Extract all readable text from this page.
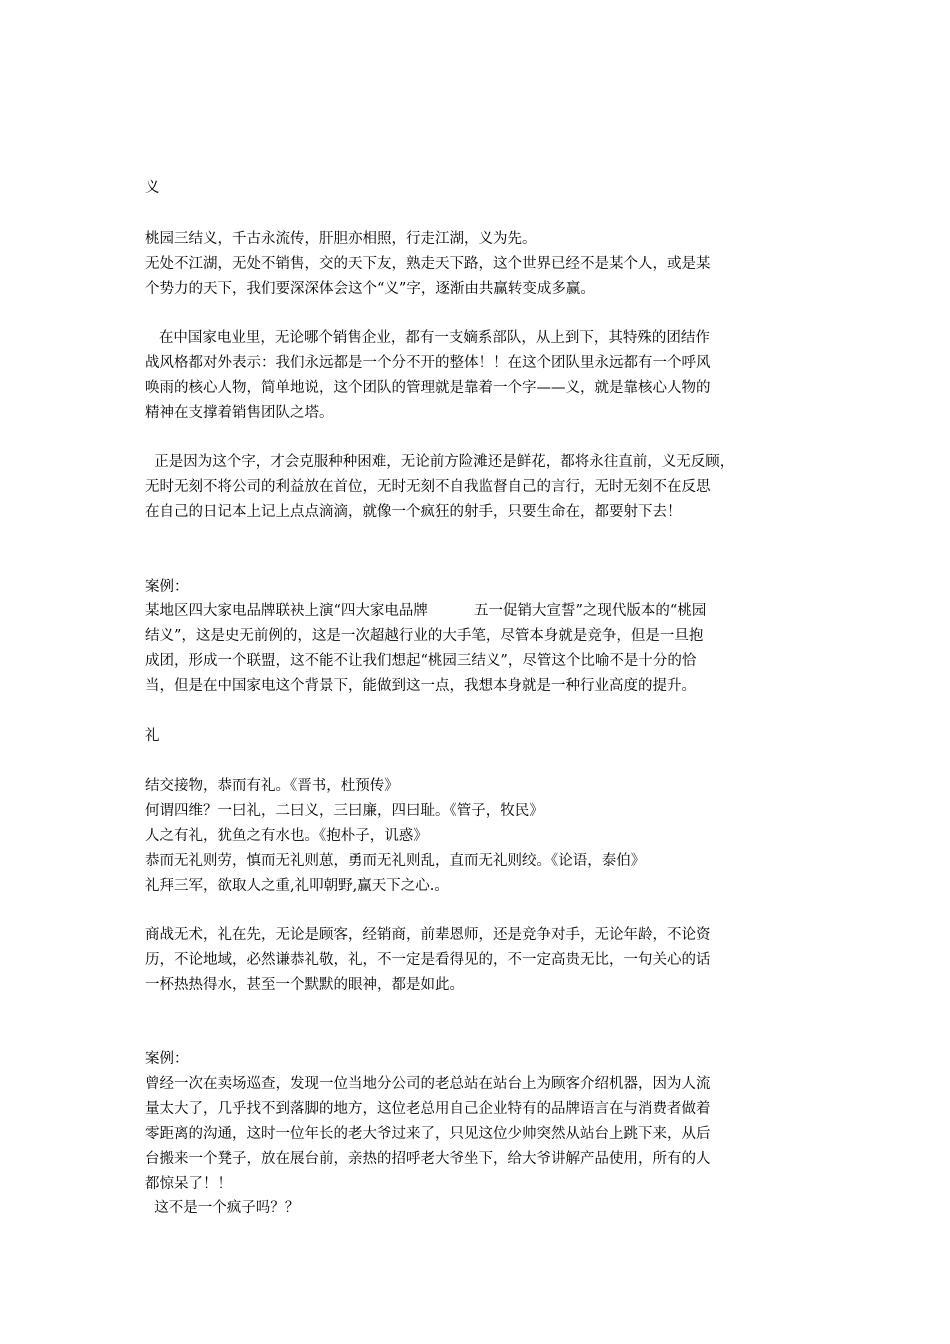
义
桃园三结义，千古永流传，肝胆亦相照，行走江湖，义为先。
无处不江湖，无处不销售，交的天下友，熟走天下路，这个世界已经不是某个人，或是某
个势力的天下，我们要深深体会这个“义”字，逐渐由共赢转变成多赢。
在中国家电业里，无论哪个销售企业，都有一支嫡系部队，从上到下，其特殊的团结作
战风格都对外表示：我们永远都是一个分不开的整体！！在这个团队里永远都有一个呼风
唤雨的核心人物，简单地说，这个团队的管理就是靠着一个字——义，就是靠核心人物的
精神在支撑着销售团队之塔。
正是因为这个字，才会克服种种困难，无论前方险滩还是鲜花，都将永往直前，义无反顾，
无时无刻不将公司的利益放在首位，无时无刻不自我监督自己的言行，无时无刻不在反思
在自己的日记本上记上点点滴滴，就像一个疯狂的射手，只要生命在，都要射下去！
案例：
某地区四大家电品牌联袂上演“四大家电品牌          五一促销大宣誓”之现代版本的“桃园
结义”，这是史无前例的，这是一次超越行业的大手笔，尽管本身就是竞争，但是一旦抱
成团，形成一个联盟，这不能不让我们想起“桃园三结义”，尽管这个比喻不是十分的恰
当，但是在中国家电这个背景下，能做到这一点，我想本身就是一种行业高度的提升。
礼
结交接物，恭而有礼。《晋书，杜预传》
何谓四维？一曰礼，二曰义，三曰廉，四曰耻。《管子，牧民》
人之有礼，犹鱼之有水也。《抱朴子，讥惑》
恭而无礼则劳，慎而无礼则葸，勇而无礼则乱，直而无礼则绞。《论语，泰伯》
礼拜三军，欲取人之重,礼叩朝野,赢天下之心.。
商战无术，礼在先，无论是顾客，经销商，前辈恩师，还是竞争对手，无论年龄，不论资
历，不论地域，必然谦恭礼敬，礼，不一定是看得见的，不一定高贵无比，一句关心的话
一杯热热得水，甚至一个默默的眼神，都是如此。
案例：
曾经一次在卖场巡查，发现一位当地分公司的老总站在站台上为顾客介绍机器，因为人流
量太大了，几乎找不到落脚的地方，这位老总用自己企业特有的品牌语言在与消费者做着
零距离的沟通，这时一位年长的老大爷过来了，只见这位少帅突然从站台上跳下来，从后
台搬来一个凳子，放在展台前，亲热的招呼老大爷坐下，给大爷讲解产品使用，所有的人
都惊呆了！！
这不是一个疯子吗？？
